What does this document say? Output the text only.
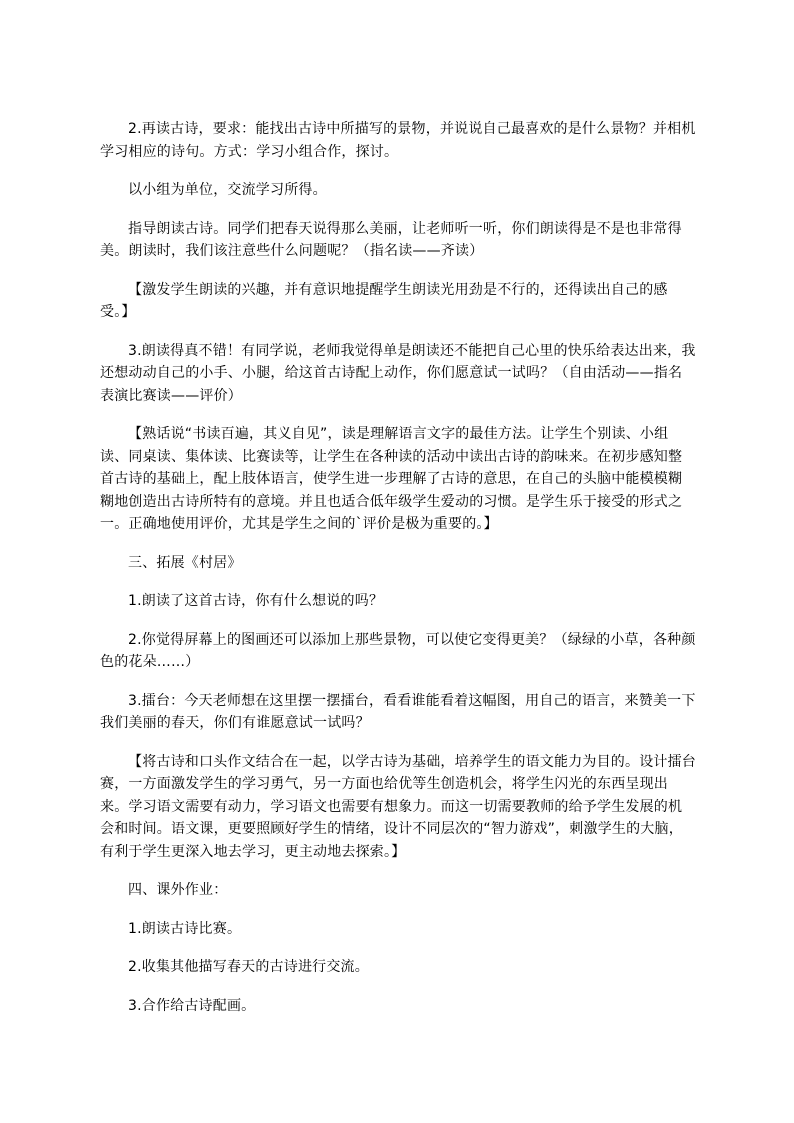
2.再读古诗，要求：能找出古诗中所描写的景物，并说说自己最喜欢的是什么景物？并相机学习相应的诗句。方式：学习小组合作，探讨。

以小组为单位，交流学习所得。

指导朗读古诗。同学们把春天说得那么美丽，让老师听一听，你们朗读得是不是也非常得美。朗读时，我们该注意些什么问题呢？（指名读——齐读）

【激发学生朗读的兴趣，并有意识地提醒学生朗读光用劲是不行的，还得读出自己的感受。】

3.朗读得真不错！有同学说，老师我觉得单是朗读还不能把自己心里的快乐给表达出来，我还想动动自己的小手、小腿，给这首古诗配上动作，你们愿意试一试吗？（自由活动——指名表演比赛读——评价）

【熟话说“书读百遍，其义自见”，读是理解语言文字的最佳方法。让学生个别读、小组读、同桌读、集体读、比赛读等，让学生在各种读的活动中读出古诗的韵味来。在初步感知整首古诗的基础上，配上肢体语言，使学生进一步理解了古诗的意思，在自己的头脑中能模模糊糊地创造出古诗所特有的意境。并且也适合低年级学生爱动的习惯。是学生乐于接受的形式之一。正确地使用评价，尤其是学生之间的`评价是极为重要的。】

三、拓展《村居》

1.朗读了这首古诗，你有什么想说的吗？

2.你觉得屏幕上的图画还可以添加上那些景物，可以使它变得更美？（绿绿的小草，各种颜色的花朵……）

3.擂台：今天老师想在这里摆一摆擂台，看看谁能看着这幅图，用自己的语言，来赞美一下我们美丽的春天，你们有谁愿意试一试吗？

【将古诗和口头作文结合在一起，以学古诗为基础，培养学生的语文能力为目的。设计擂台赛，一方面激发学生的学习勇气，另一方面也给优等生创造机会，将学生闪光的东西呈现出来。学习语文需要有动力，学习语文也需要有想象力。而这一切需要教师的给予学生发展的机会和时间。语文课，更要照顾好学生的情绪，设计不同层次的“智力游戏”，刺激学生的大脑，有利于学生更深入地去学习，更主动地去探索。】

四、课外作业：

1.朗读古诗比赛。

2.收集其他描写春天的古诗进行交流。

3.合作给古诗配画。
